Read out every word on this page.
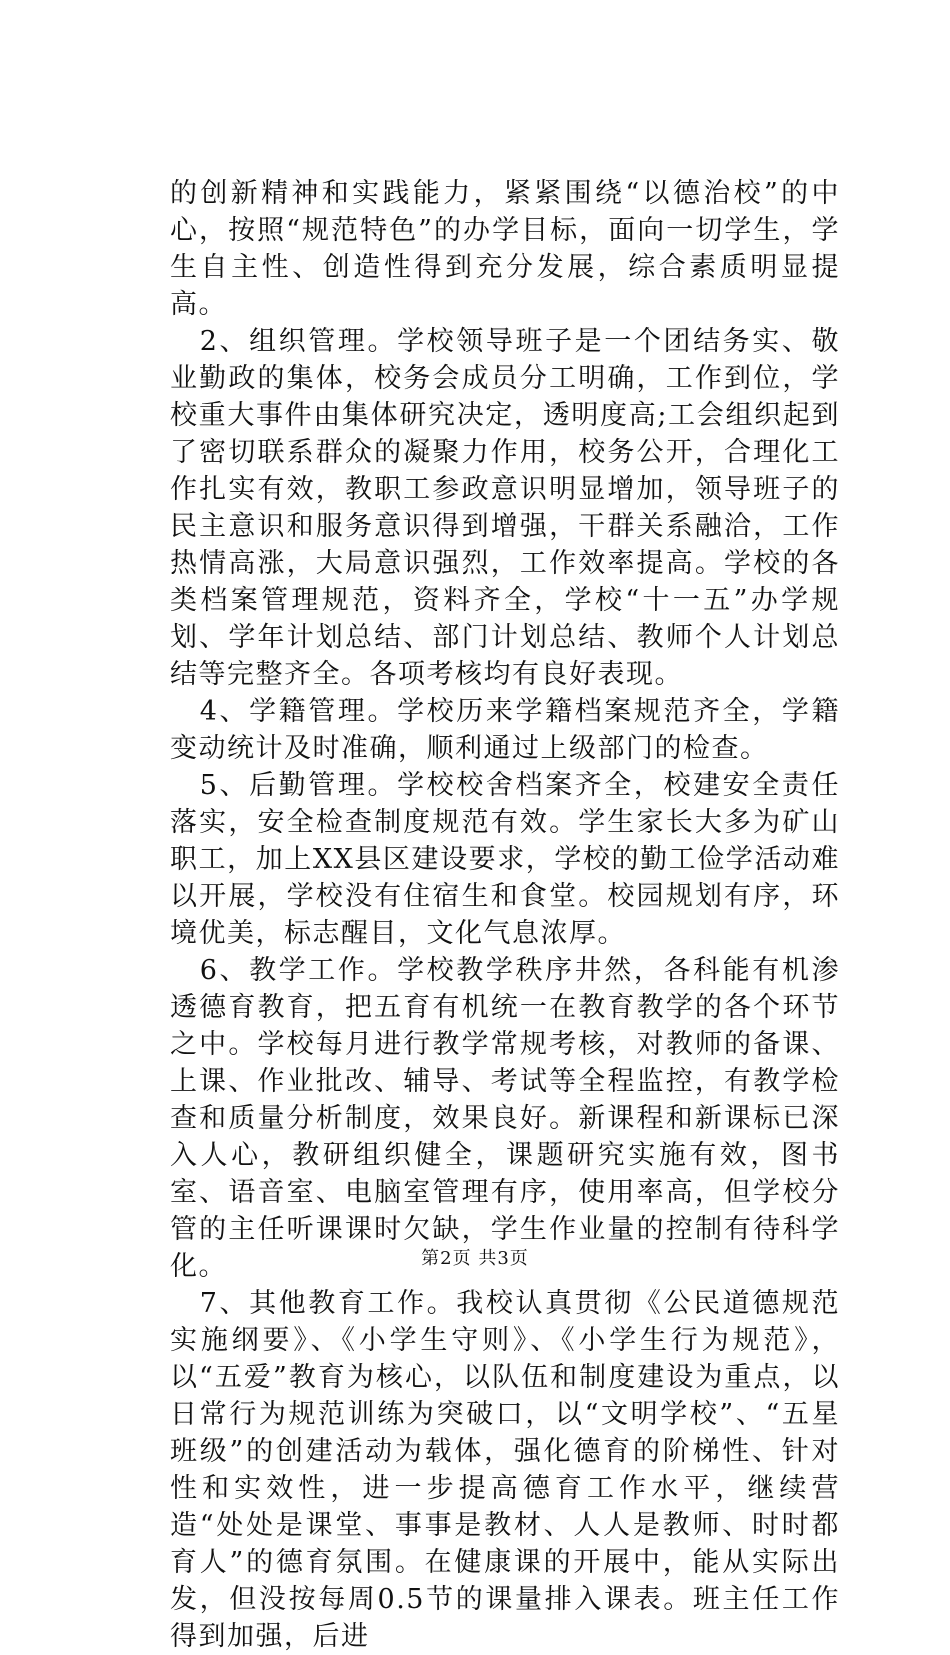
的创新精神和实践能力，紧紧围绕“以德治校”的中心，按照“规范特色”的办学目标，面向一切学生，学生自主性、创造性得到充分发展，综合素质明显提高。

2、组织管理。学校领导班子是一个团结务实、敬业勤政的集体，校务会成员分工明确，工作到位，学校重大事件由集体研究决定，透明度高;工会组织起到了密切联系群众的凝聚力作用，校务公开，合理化工作扎实有效，教职工参政意识明显增加，领导班子的民主意识和服务意识得到增强，干群关系融洽，工作热情高涨，大局意识强烈，工作效率提高。学校的各类档案管理规范，资料齐全，学校“十一五”办学规划、学年计划总结、部门计划总结、教师个人计划总结等完整齐全。各项考核均有良好表现。

4、学籍管理。学校历来学籍档案规范齐全，学籍变动统计及时准确，顺利通过上级部门的检查。

5、后勤管理。学校校舍档案齐全，校建安全责任落实，安全检查制度规范有效。学生家长大多为矿山职工，加上XX县区建设要求，学校的勤工俭学活动难以开展，学校没有住宿生和食堂。校园规划有序，环境优美，标志醒目，文化气息浓厚。

6、教学工作。学校教学秩序井然，各科能有机渗透德育教育，把五育有机统一在教育教学的各个环节之中。学校每月进行教学常规考核，对教师的备课、上课、作业批改、辅导、考试等全程监控，有教学检查和质量分析制度，效果良好。新课程和新课标已深入人心，教研组织健全，课题研究实施有效，图书室、语音室、电脑室管理有序，使用率高，但学校分管的主任听课课时欠缺，学生作业量的控制有待科学化。

7、其他教育工作。我校认真贯彻《公民道德规范实施纲要》、《小学生守则》、《小学生行为规范》，以“五爱”教育为核心，以队伍和制度建设为重点，以日常行为规范训练为突破口，以“文明学校”、“五星班级”的创建活动为载体，强化德育的阶梯性、针对性和实效性，进一步提高德育工作水平，继续营造“处处是课堂、事事是教材、人人是教师、时时都育人”的德育氛围。在健康课的开展中，能从实际出发，但没按每周0.5节的课量排入课表。班主任工作得到加强，后进

第2页 共3页
